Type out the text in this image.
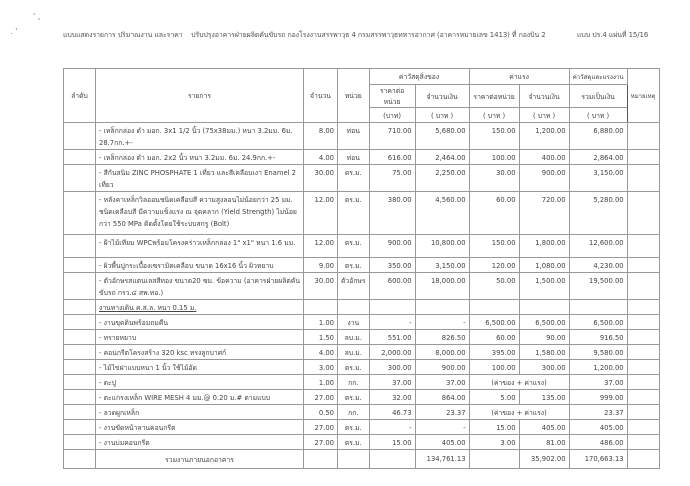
' ,
. '	แบบแสดงรายการ ปริมาณงาน และราคา ปรับปรุงอาคารฝ่ายผลิตคันขับรถ กองโรงงานสรรพาวุธ 4 กรมสรรพาวุธทหารอากาศ (อาคารหมายเลข 1413) ที่ กองบิน 2	แบบ ปร.4 แผ่นที่ 15/16
ลำดับ	รายการ	จำนวน	หน่วย	ค่าวัสดุสิ่งของ		ค่าแรง		ค่าวัสดุและแรงงาน	หมายเหตุ
				ราคาต่อหน่วย	จำนวนเงิน	ราคาต่อหน่วย	จำนวนเงิน	รวมเป็นเงิน	
				(บาท)	( บาท )	( บาท )	( บาท )	( บาท )	
	- เหล็กกล่อง ดำ มอก. 3x1 1/2 นิ้ว (75x38มม.) หนา 3.2มม. 6ม. 28.7กก.+-	8.00	ท่อน	710.00	5,680.00	150.00	1,200.00	6,880.00	
	- เหล็กกล่อง ดำ มอก. 2x2 นิ้ว หนา 3.2มม. 6ม. 24.9กก.+-	4.00	ท่อน	616.00	2,464.00	100.00	400.00	2,864.00	
	- สีกันสนิม ZINC PHOSPHATE 1 เที่ยว และสีเคลือบเงา Enamel 2 เที่ยว	30.00	ตร.ม.	75.00	2,250.00	30.00	900.00	3,150.00	
	- หลังคาเหล็กวิลออนชนิดเคลือบสี ความสูงลอนไม่น้อยกว่า 25 มม. ชนิดเคลือบสี มีความแข็งแรง ณ จุดคลาก (Yield Strength) ไม่น้อยกว่า 550 MPa ติดตั้งโดยใช้ระบบสกรู (Bolt)	12.00	ตร.ม.	380.00	4,560.00	60.00	720.00	5,280.00	
	- ฝ้าไม้เทียม WPCพร้อมโครงคร่าวเหล็กกล่อง 1" x1" หนา 1.6 มม.	12.00	ตร.ม.	900.00	10,800.00	150.00	1,800.00	12,600.00	
	- ผิวพื้นปูกระเบื้องเซรามิคเคลือบ ขนาด 16x16 นิ้ว ผิวหยาบ	9.00	ตร.ม.	350.00	3,150.00	120.00	1,080.00	4,230.00	
	- ตัวอักษรสแตนเลสสีทอง ขนาด20 ซม. ข้อความ (อาคารฝ่ายผลิตคันขับรถ กรว.๔ สพ.ทอ.)	30.00	ตัวอักษร	600.00	18,000.00	50.00	1,500.00	19,500.00	
	งานทางเดิน ค.ส.ล. หนา 0.15 ม.								
	- งานขุดดินพร้อมถมคืน	1.00	งาน	-	-	6,500.00	6,500.00	6,500.00	
	- ทรายหยาบ	1.50	ลบ.ม.	551.00	826.50	60.00	90.00	916.50	
	- คอนกรีตโครงสร้าง 320 ksc ทรงลูกบาศก์	4.00	ลบ.ม.	2,000.00	8,000.00	395.00	1,580.00	9,580.00	
	- ไม้ไข่ฝาแบบหนา 1 นิ้ว ใช้ไม้อัด	3.00	ตร.ม.	300.00	900.00	100.00	300.00	1,200.00	
	- ตะปู	1.00	กก.	37.00	37.00	(ค่าของ + ค่าแรง)		37.00	
	- ตะแกรงเหล็ก WIRE MESH 4 มม.@ 0.20 ม.# ตามแบบ	27.00	ตร.ม.	32.00	864.00	5.00	135.00	999.00	
	- ลวดผูกเหล็ก	0.50	กก.	46.73	23.37	(ค่าของ + ค่าแรง)		23.37	
	- งานขัดหน้าลานคอนกรีต	27.00	ตร.ม.	-	-	15.00	405.00	405.00	
	- งานบ่มคอนกรีต	27.00	ตร.ม.	15.00	405.00	3.00	81.00	486.00	
	รวมงานภายนอกอาคาร				134,761.13		35,902.00	170,663.13	
